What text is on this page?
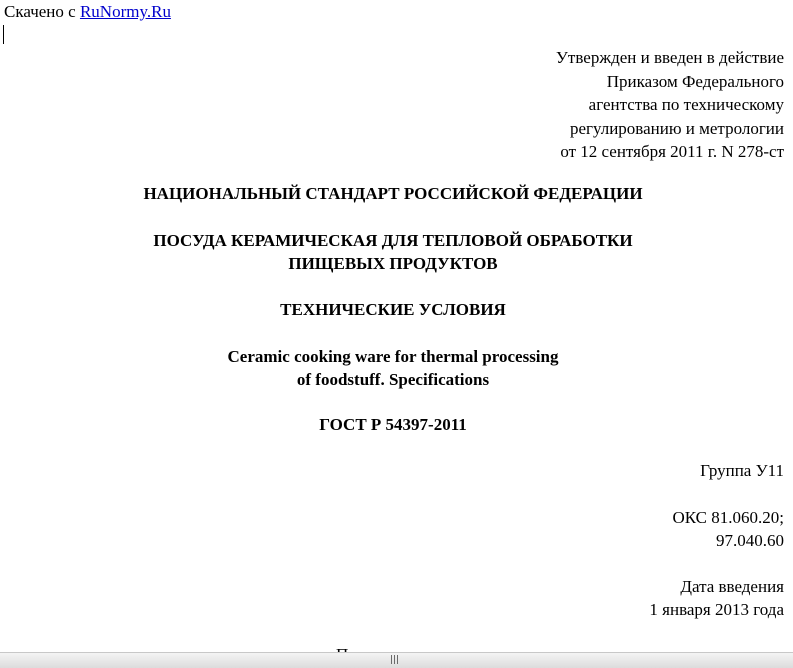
Скачено с RuNormy.Ru
Утвержден и введен в действие
Приказом Федерального
агентства по техническому
регулированию и метрологии
от 12 сентября 2011 г. N 278-ст
НАЦИОНАЛЬНЫЙ СТАНДАРТ РОССИЙСКОЙ ФЕДЕРАЦИИ
ПОСУДА КЕРАМИЧЕСКАЯ ДЛЯ ТЕПЛОВОЙ ОБРАБОТКИ
ПИЩЕВЫХ ПРОДУКТОВ
ТЕХНИЧЕСКИЕ УСЛОВИЯ
Ceramic cooking ware for thermal processing
of foodstuff. Specifications
ГОСТ Р 54397-2011
Группа У11
ОКС 81.060.20;
97.040.60
Дата введения
1 января 2013 года
